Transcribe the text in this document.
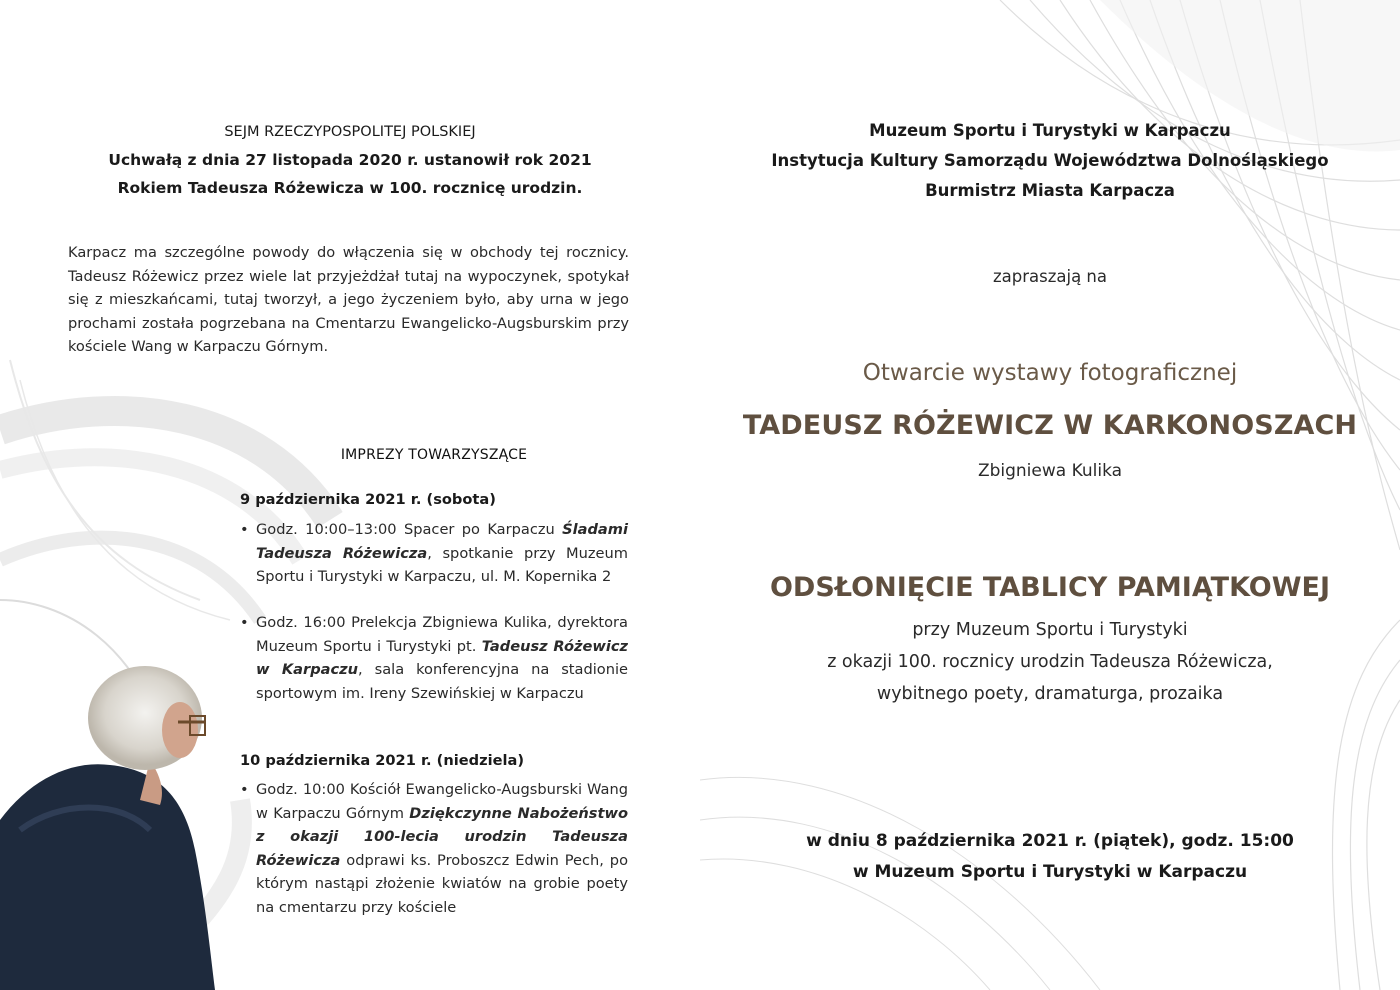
SEJM RZECZYPOSPOLITEJ POLSKIEJ
Uchwałą z dnia 27 listopada 2020 r. ustanowił rok 2021
Rokiem Tadeusza Różewicza w 100. rocznicę urodzin.
Karpacz ma szczególne powody do włączenia się w obchody tej rocznicy. Tadeusz Różewicz przez wiele lat przyjeżdżał tutaj na wypoczynek, spotykał się z mieszkańcami, tutaj tworzył, a jego życzeniem było, aby urna w jego prochami została pogrzebana na Cmentarzu Ewangelicko-Augsburskim przy kościele Wang w Karpaczu Górnym.
IMPREZY TOWARZYSZĄCE
9 października 2021 r. (sobota)
• Godz. 10:00–13:00 Spacer po Karpaczu Śladami Tadeusza Różewicza, spotkanie przy Muzeum Sportu i Turystyki w Karpaczu, ul. M. Kopernika 2
• Godz. 16:00 Prelekcja Zbigniewa Kulika, dyrektora Muzeum Sportu i Turystyki pt. Tadeusz Różewicz w Karpaczu, sala konferencyjna na stadionie sportowym im. Ireny Szewińskiej w Karpaczu
10 października 2021 r. (niedziela)
• Godz. 10:00 Kościół Ewangelicko-Augsburski Wang w Karpaczu Górnym Dziękczynne Nabożeństwo z okazji 100-lecia urodzin Tadeusza Różewicza odprawi ks. Proboszcz Edwin Pech, po którym nastąpi złożenie kwiatów na grobie poety na cmentarzu przy kościele
Muzeum Sportu i Turystyki w Karpaczu
Instytucja Kultury Samorządu Województwa Dolnośląskiego
Burmistrz Miasta Karpacza
zapraszają na
Otwarcie wystawy fotograficznej
TADEUSZ RÓŻEWICZ W KARKONOSZACH
Zbigniewa Kulika
ODSŁONIĘCIE TABLICY PAMIĄTKOWEJ
przy Muzeum Sportu i Turystyki
z okazji 100. rocznicy urodzin Tadeusza Różewicza,
wybitnego poety, dramaturga, prozaika
w dniu 8 października 2021 r. (piątek), godz. 15:00
w Muzeum Sportu i Turystyki w Karpaczu
